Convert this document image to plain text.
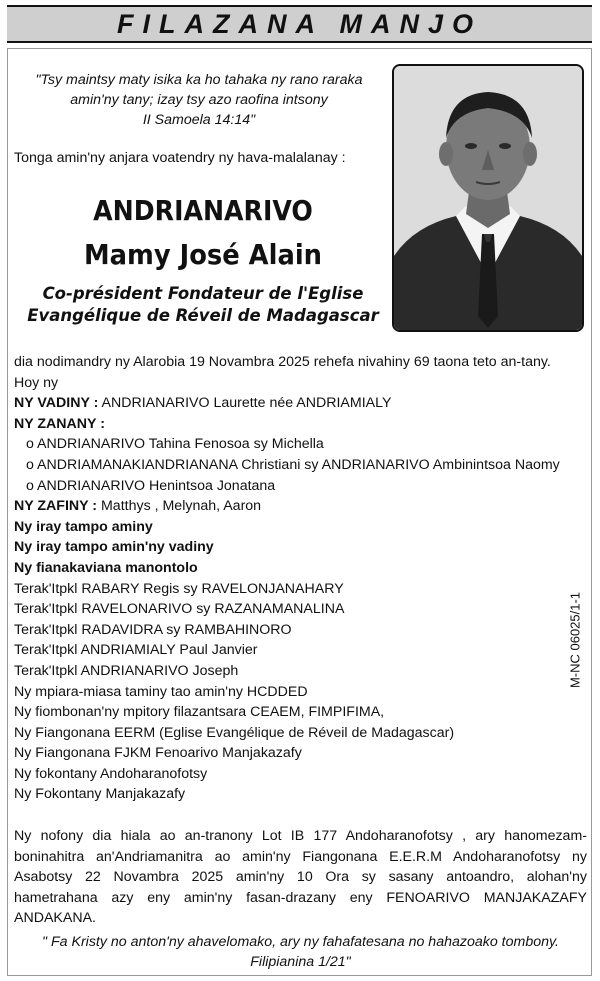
FILAZANA MANJO
"Tsy maintsy maty isika ka ho tahaka ny rano raraka
amin'ny tany; izay tsy azo raofina intsony
II Samoela 14:14"
Tonga amin'ny anjara voatendry ny hava-malalanay :
ANDRIANARIVO
Mamy José Alain
Co-président Fondateur de l'Eglise
Evangélique de Réveil de Madagascar
dia nodimandry ny Alarobia 19 Novambra 2025 rehefa nivahiny 69 taona teto an-tany.
Hoy ny
NY VADINY : ANDRIANARIVO Laurette née ANDRIAMIALY
NY ZANANY :
o ANDRIANARIVO Tahina Fenosoa sy Michella
o ANDRIAMANAKIANDRIANANA Christiani sy ANDRIANARIVO Ambinintsoa Naomy
o ANDRIANARIVO Henintsoa Jonatana
NY ZAFINY : Matthys , Melynah, Aaron
Ny iray tampo aminy
Ny iray tampo amin'ny vadiny
Ny fianakaviana manontolo
Terak'Itpkl RABARY Regis sy RAVELONJANAHARY
Terak'Itpkl RAVELONARIVO sy RAZANAMANALINA
Terak'Itpkl RADAVIDRA sy RAMBAHINORO
Terak'Itpkl ANDRIAMIALY Paul Janvier
Terak'Itpkl ANDRIANARIVO Joseph
Ny mpiara-miasa taminy tao amin'ny HCDDED
Ny fiombonan'ny mpitory filazantsara CEAEM, FIMPIFIMA,
Ny Fiangonana EERM (Eglise Evangélique de Réveil de Madagascar)
Ny Fiangonana FJKM Fenoarivo Manjakazafy
Ny fokontany Andoharanofotsy
Ny Fokontany Manjakazafy
Ny nofony dia hiala ao an-tranony Lot IB 177 Andoharanofotsy , ary hanomezam-boninahitra an'Andriamanitra ao amin'ny Fiangonana E.E.R.M Andoharanofotsy ny Asabotsy 22 Novambra 2025 amin'ny 10 Ora sy sasany antoandro, alohan'ny hametrahana azy eny amin'ny fasan-drazany eny FENOARIVO MANJAKAZAFY ANDAKANA.
" Fa Kristy no anton'ny ahavelomako, ary ny fahafatesana no hahazoako tombony.
Filipianina 1/21"
M-NC 06025/1-1
